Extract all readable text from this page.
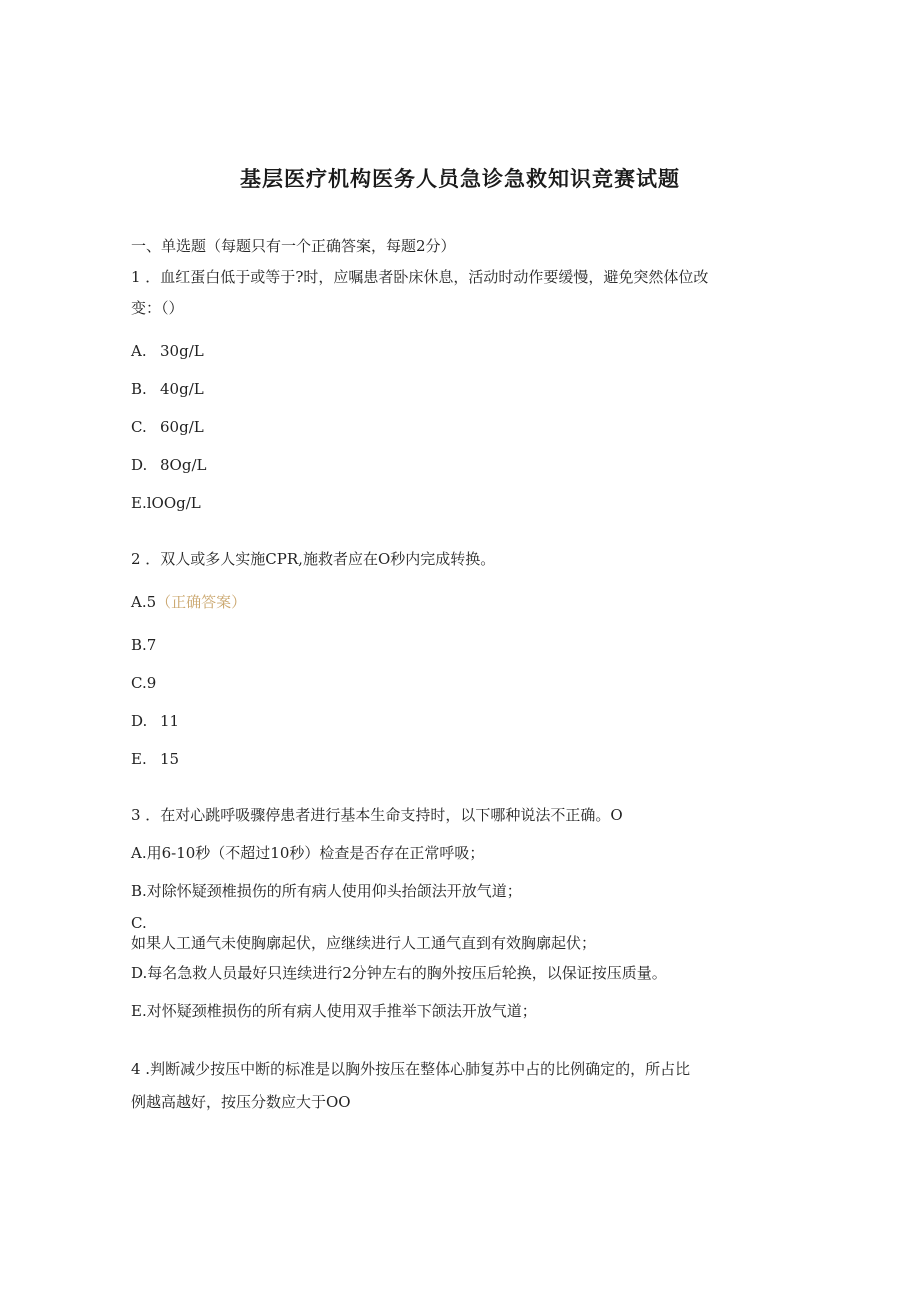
基层医疗机构医务人员急诊急救知识竞赛试题
一、单选题（每题只有一个正确答案，每题2分）
1 ．血红蛋白低于或等于?时，应嘱患者卧床休息，活动时动作要缓慢，避免突然体位改
变：（）
A. 30g/L
B. 40g/L
C. 60g/L
D. 8Og/L
E.lOOg/L
2 ．双人或多人实施CPR,施救者应在O秒内完成转换。
A.5（正确答案）
B.7
C.9
D. 11
E. 15
3 ．在对心跳呼吸骤停患者进行基本生命支持时，以下哪种说法不正确。O
A.用6-10秒（不超过10秒）检查是否存在正常呼吸；
B.对除怀疑颈椎损伤的所有病人使用仰头抬颌法开放气道；
C.
如果人工通气未使胸廓起伏，应继续进行人工通气直到有效胸廓起伏；
D.每名急救人员最好只连续进行2分钟左右的胸外按压后轮换，以保证按压质量。
E.对怀疑颈椎损伤的所有病人使用双手推举下颌法开放气道；
4 .判断减少按压中断的标准是以胸外按压在整体心肺复苏中占的比例确定的，所占比
例越高越好，按压分数应大于OO
